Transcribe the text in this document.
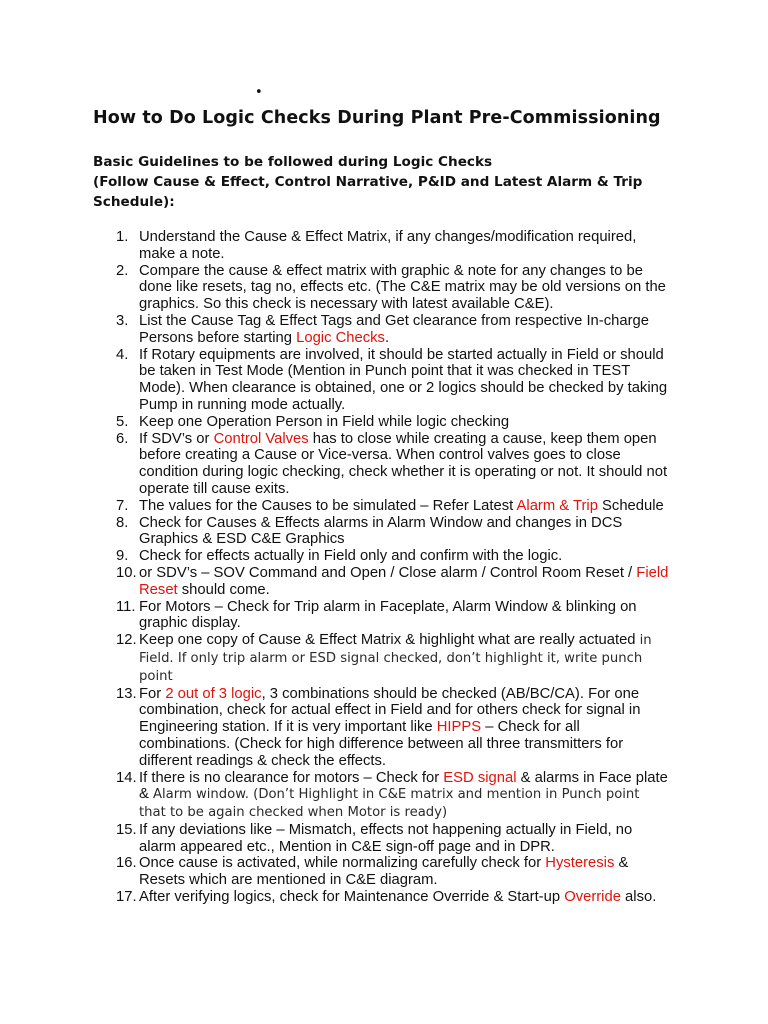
•
How to Do Logic Checks During Plant Pre-Commissioning
Basic Guidelines to be followed during Logic Checks
(Follow Cause & Effect, Control Narrative, P&ID and Latest Alarm & Trip
Schedule):
1. Understand the Cause & Effect Matrix, if any changes/modification required, make a note.
2. Compare the cause & effect matrix with graphic & note for any changes to be done like resets, tag no, effects etc. (The C&E matrix may be old versions on the graphics. So this check is necessary with latest available C&E).
3. List the Cause Tag & Effect Tags and Get clearance from respective In-charge Persons before starting Logic Checks.
4. If Rotary equipments are involved, it should be started actually in Field or should be taken in Test Mode (Mention in Punch point that it was checked in TEST Mode). When clearance is obtained, one or 2 logics should be checked by taking Pump in running mode actually.
5. Keep one Operation Person in Field while logic checking
6. If SDV’s or Control Valves has to close while creating a cause, keep them open before creating a Cause or Vice-versa. When control valves goes to close condition during logic checking, check whether it is operating or not. It should not operate till cause exits.
7. The values for the Causes to be simulated – Refer Latest Alarm & Trip Schedule
8. Check for Causes & Effects alarms in Alarm Window and changes in DCS Graphics & ESD C&E Graphics
9. Check for effects actually in Field only and confirm with the logic.
10. or SDV’s – SOV Command and Open / Close alarm / Control Room Reset / Field Reset should come.
11. For Motors – Check for Trip alarm in Faceplate, Alarm Window & blinking on graphic display.
12. Keep one copy of Cause & Effect Matrix & highlight what are really actuated in Field. If only trip alarm or ESD signal checked, don’t highlight it, write punch point
13. For 2 out of 3 logic, 3 combinations should be checked (AB/BC/CA). For one combination, check for actual effect in Field and for others check for signal in Engineering station. If it is very important like HIPPS – Check for all combinations. (Check for high difference between all three transmitters for different readings & check the effects.
14. If there is no clearance for motors – Check for ESD signal & alarms in Face plate & Alarm window. (Don’t Highlight in C&E matrix and mention in Punch point that to be again checked when Motor is ready)
15. If any deviations like – Mismatch, effects not happening actually in Field, no alarm appeared etc., Mention in C&E sign-off page and in DPR.
16. Once cause is activated, while normalizing carefully check for Hysteresis & Resets which are mentioned in C&E diagram.
17. After verifying logics, check for Maintenance Override & Start-up Override also.
